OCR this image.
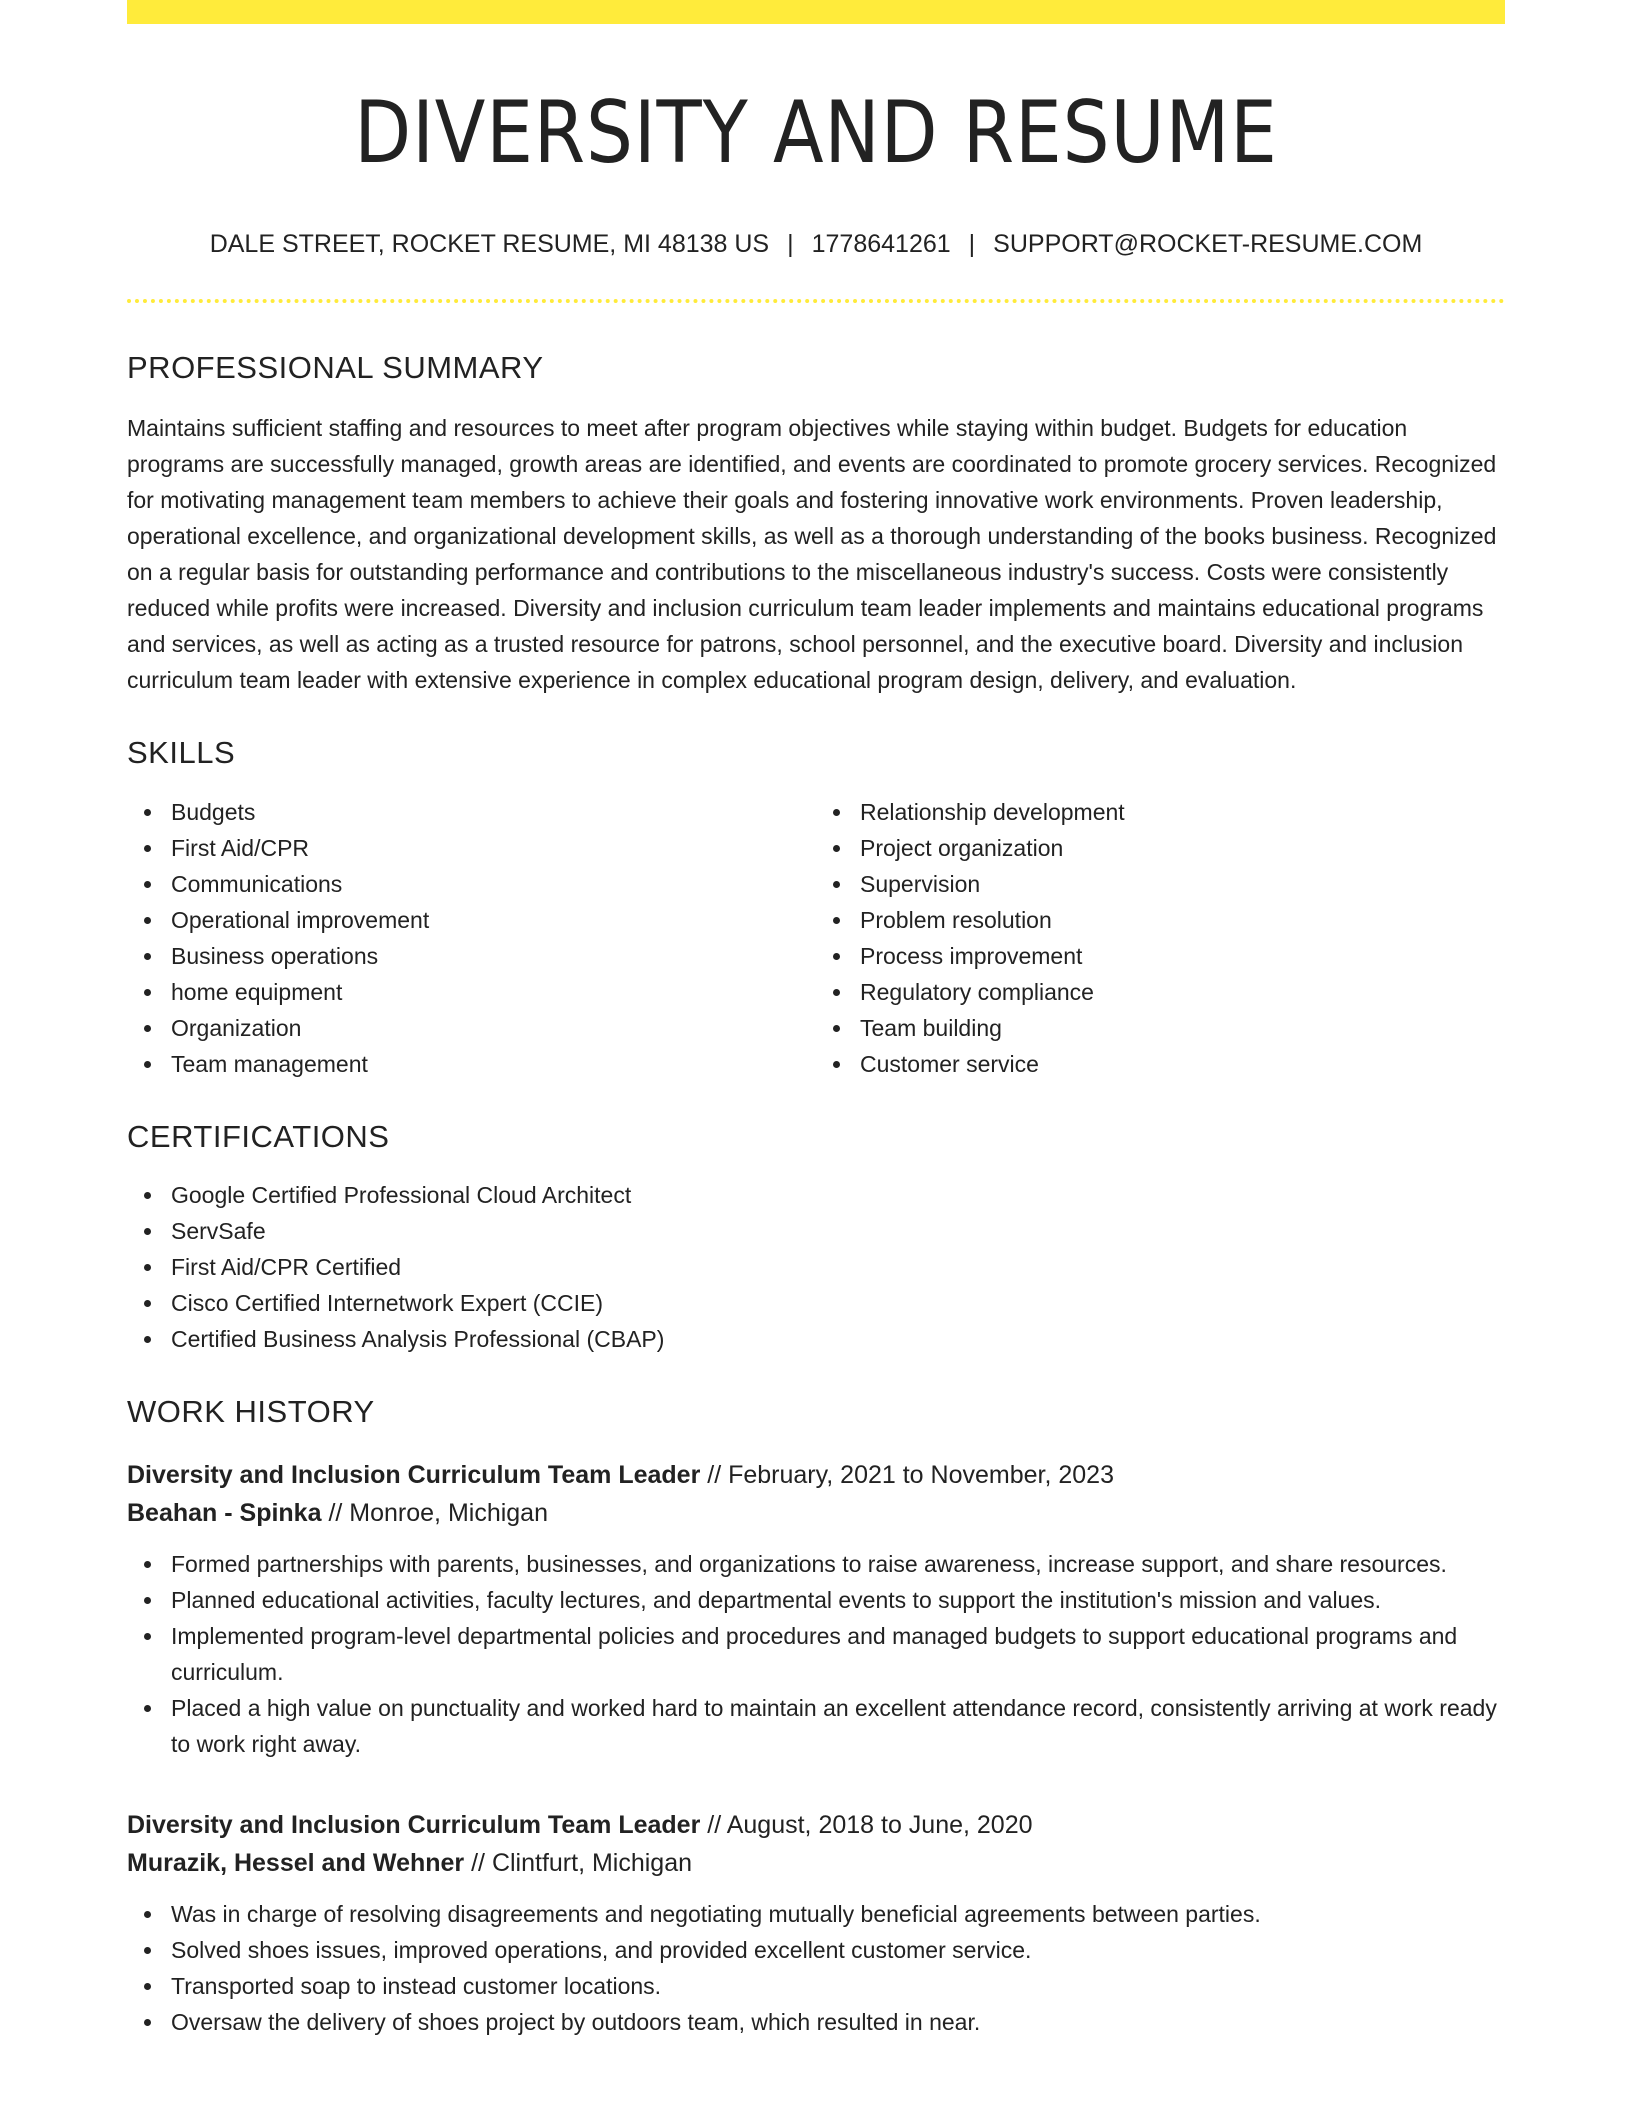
DIVERSITY AND RESUME
DALE STREET, ROCKET RESUME, MI 48138 US | 1778641261 | SUPPORT@ROCKET-RESUME.COM
PROFESSIONAL SUMMARY
Maintains sufficient staffing and resources to meet after program objectives while staying within budget. Budgets for education programs are successfully managed, growth areas are identified, and events are coordinated to promote grocery services. Recognized for motivating management team members to achieve their goals and fostering innovative work environments. Proven leadership, operational excellence, and organizational development skills, as well as a thorough understanding of the books business. Recognized on a regular basis for outstanding performance and contributions to the miscellaneous industry's success. Costs were consistently reduced while profits were increased. Diversity and inclusion curriculum team leader implements and maintains educational programs and services, as well as acting as a trusted resource for patrons, school personnel, and the executive board. Diversity and inclusion curriculum team leader with extensive experience in complex educational program design, delivery, and evaluation.
SKILLS
Budgets
First Aid/CPR
Communications
Operational improvement
Business operations
home equipment
Organization
Team management
Relationship development
Project organization
Supervision
Problem resolution
Process improvement
Regulatory compliance
Team building
Customer service
CERTIFICATIONS
Google Certified Professional Cloud Architect
ServSafe
First Aid/CPR Certified
Cisco Certified Internetwork Expert (CCIE)
Certified Business Analysis Professional (CBAP)
WORK HISTORY
Diversity and Inclusion Curriculum Team Leader // February, 2021 to November, 2023
Beahan - Spinka // Monroe, Michigan
Formed partnerships with parents, businesses, and organizations to raise awareness, increase support, and share resources.
Planned educational activities, faculty lectures, and departmental events to support the institution's mission and values.
Implemented program-level departmental policies and procedures and managed budgets to support educational programs and curriculum.
Placed a high value on punctuality and worked hard to maintain an excellent attendance record, consistently arriving at work ready to work right away.
Diversity and Inclusion Curriculum Team Leader // August, 2018 to June, 2020
Murazik, Hessel and Wehner // Clintfurt, Michigan
Was in charge of resolving disagreements and negotiating mutually beneficial agreements between parties.
Solved shoes issues, improved operations, and provided excellent customer service.
Transported soap to instead customer locations.
Oversaw the delivery of shoes project by outdoors team, which resulted in near.
